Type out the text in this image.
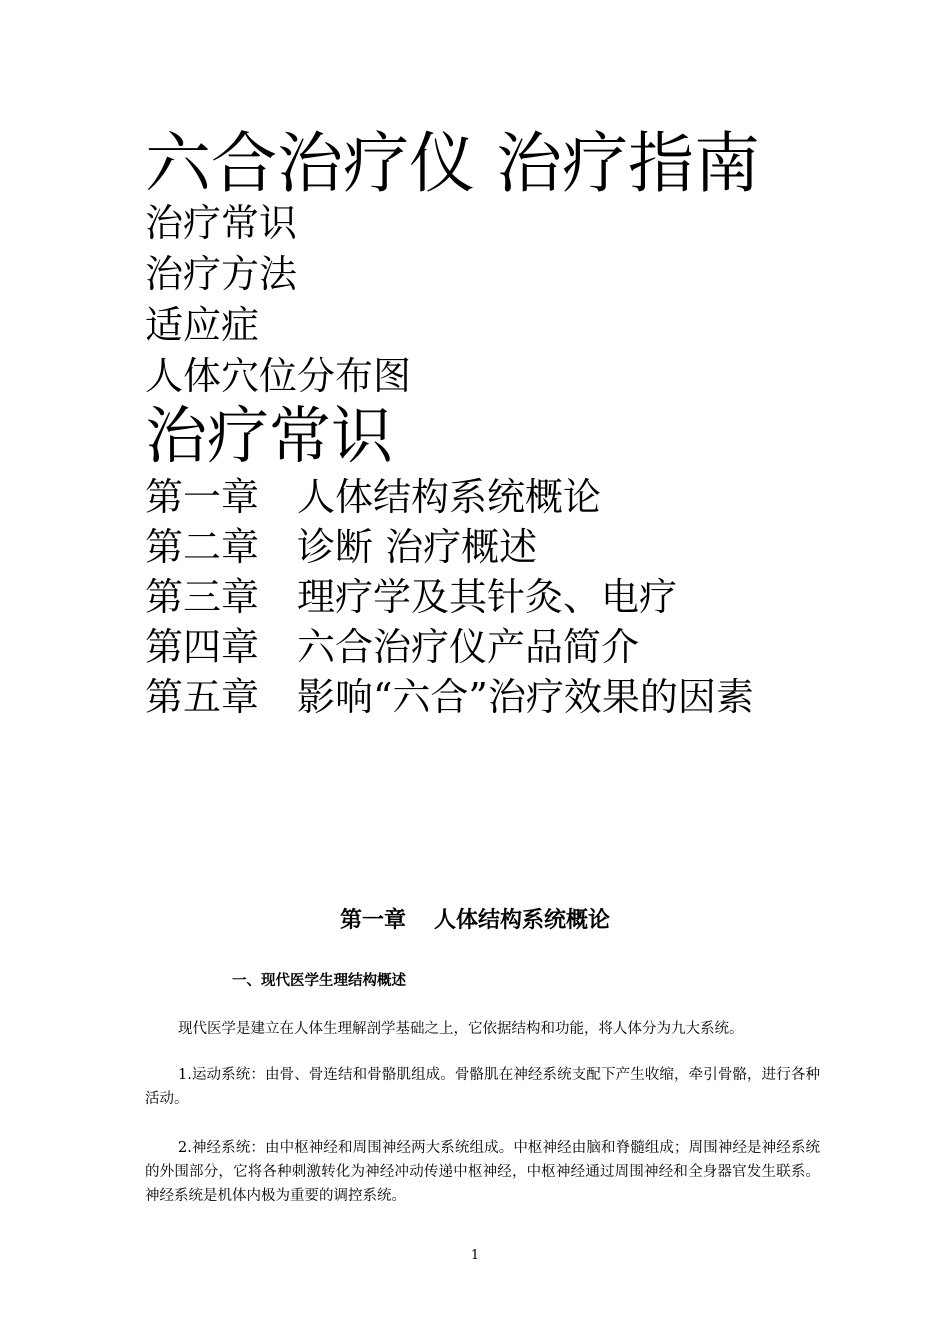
六合治疗仪 治疗指南
治疗常识
治疗方法
适应症
人体穴位分布图
治疗常识
第一章 人体结构系统概论
第二章 诊断 治疗概述
第三章 理疗学及其针灸、电疗
第四章 六合治疗仪产品简介
第五章 影响“六合”治疗效果的因素
第一章 人体结构系统概论
一、现代医学生理结构概述

现代医学是建立在人体生理解剖学基础之上，它依据结构和功能，将人体分为九大系统。

1.运动系统：由骨、骨连结和骨骼肌组成。骨骼肌在神经系统支配下产生收缩，牵引骨骼，进行各种活动。

2.神经系统：由中枢神经和周围神经两大系统组成。中枢神经由脑和脊髓组成；周围神经是神经系统的外围部分，它将各种刺激转化为神经冲动传递中枢神经，中枢神经通过周围神经和全身器官发生联系。神经系统是机体内极为重要的调控系统。

1
